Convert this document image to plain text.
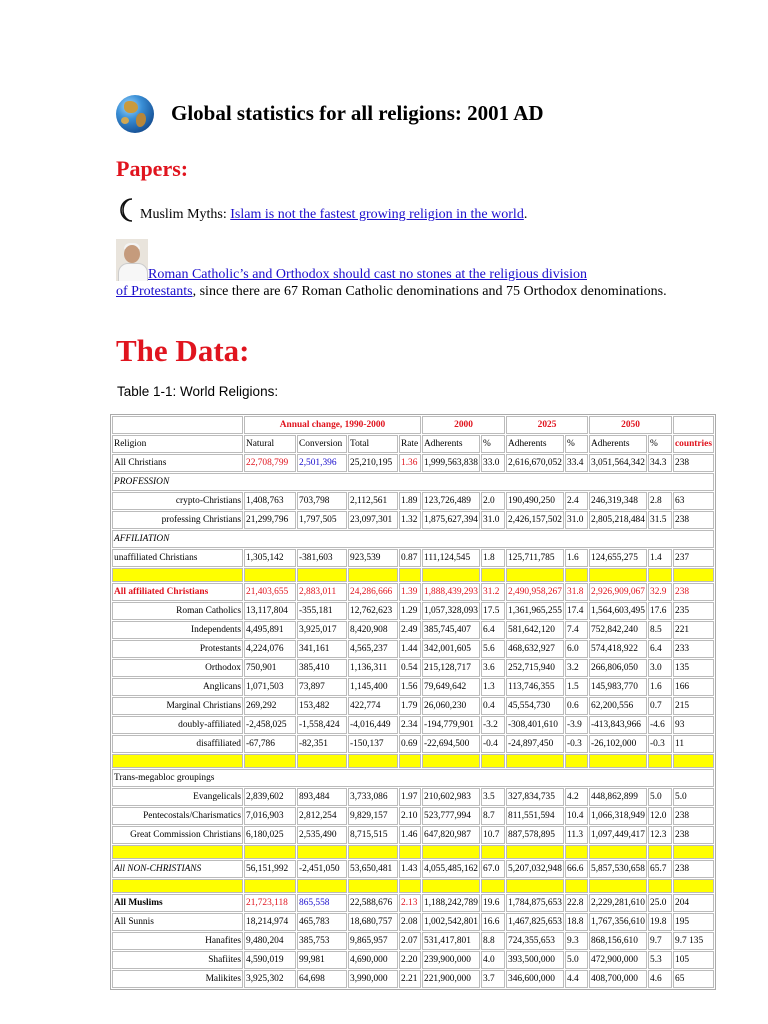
Global statistics for all religions: 2001 AD
Papers:
Muslim Myths: Islam is not the fastest growing religion in the world.
Roman Catholic’s and Orthodox should cast no stones at the religious division
of Protestants, since there are 67 Roman Catholic denominations and 75 Orthodox denominations.
The Data:
Table 1-1: World Religions:
	Annual change, 1990-2000				2000		2025		2050		
Religion	Natural	Conversion	Total	Rate	Adherents	%	Adherents	%	Adherents	%	countries
All Christians	22,708,799	2,501,396	25,210,195	1.36	1,999,563,838	33.0	2,616,670,052	33.4	3,051,564,342	34.3	238
PROFESSION											
crypto-Christians	1,408,763	703,798	2,112,561	1.89	123,726,489	2.0	190,490,250	2.4	246,319,348	2.8	63
professing Christians	21,299,796	1,797,505	23,097,301	1.32	1,875,627,394	31.0	2,426,157,502	31.0	2,805,218,484	31.5	238
AFFILIATION											
unaffiliated Christians	1,305,142	-381,603	923,539	0.87	111,124,545	1.8	125,711,785	1.6	124,655,275	1.4	237

All affiliated Christians	21,403,655	2,883,011	24,286,666	1.39	1,888,439,293	31.2	2,490,958,267	31.8	2,926,909,067	32.9	238
Roman Catholics	13,117,804	-355,181	12,762,623	1.29	1,057,328,093	17.5	1,361,965,255	17.4	1,564,603,495	17.6	235
Independents	4,495,891	3,925,017	8,420,908	2.49	385,745,407	6.4	581,642,120	7.4	752,842,240	8.5	221
Protestants	4,224,076	341,161	4,565,237	1.44	342,001,605	5.6	468,632,927	6.0	574,418,922	6.4	233
Orthodox	750,901	385,410	1,136,311	0.54	215,128,717	3.6	252,715,940	3.2	266,806,050	3.0	135
Anglicans	1,071,503	73,897	1,145,400	1.56	79,649,642	1.3	113,746,355	1.5	145,983,770	1.6	166
Marginal Christians	269,292	153,482	422,774	1.79	26,060,230	0.4	45,554,730	0.6	62,200,556	0.7	215
doubly-affiliated	-2,458,025	-1,558,424	-4,016,449	2.34	-194,779,901	-3.2	-308,401,610	-3.9	-413,843,966	-4.6	93
disaffiliated	-67,786	-82,351	-150,137	0.69	-22,694,500	-0.4	-24,897,450	-0.3	-26,102,000	-0.3	11

Trans-megabloc groupings											
Evangelicals	2,839,602	893,484	3,733,086	1.97	210,602,983	3.5	327,834,735	4.2	448,862,899	5.0	5.0
Pentecostals/Charismatics	7,016,903	2,812,254	9,829,157	2.10	523,777,994	8.7	811,551,594	10.4	1,066,318,949	12.0	238
Great Commission Christians	6,180,025	2,535,490	8,715,515	1.46	647,820,987	10.7	887,578,895	11.3	1,097,449,417	12.3	238

All NON-CHRISTIANS	56,151,992	-2,451,050	53,650,481	1.43	4,055,485,162	67.0	5,207,032,948	66.6	5,857,530,658	65.7	238

All Muslims	21,723,118	865,558	22,588,676	2.13	1,188,242,789	19.6	1,784,875,653	22.8	2,229,281,610	25.0	204
All Sunnis	18,214,974	465,783	18,680,757	2.08	1,002,542,801	16.6	1,467,825,653	18.8	1,767,356,610	19.8	195
Hanafites	9,480,204	385,753	9,865,957	2.07	531,417,801	8.8	724,355,653	9.3	868,156,610	9.7	9.7 135
Shafiites	4,590,019	99,981	4,690,000	2.20	239,900,000	4.0	393,500,000	5.0	472,900,000	5.3	105
Malikites	3,925,302	64,698	3,990,000	2.21	221,900,000	3.7	346,600,000	4.4	408,700,000	4.6	65
